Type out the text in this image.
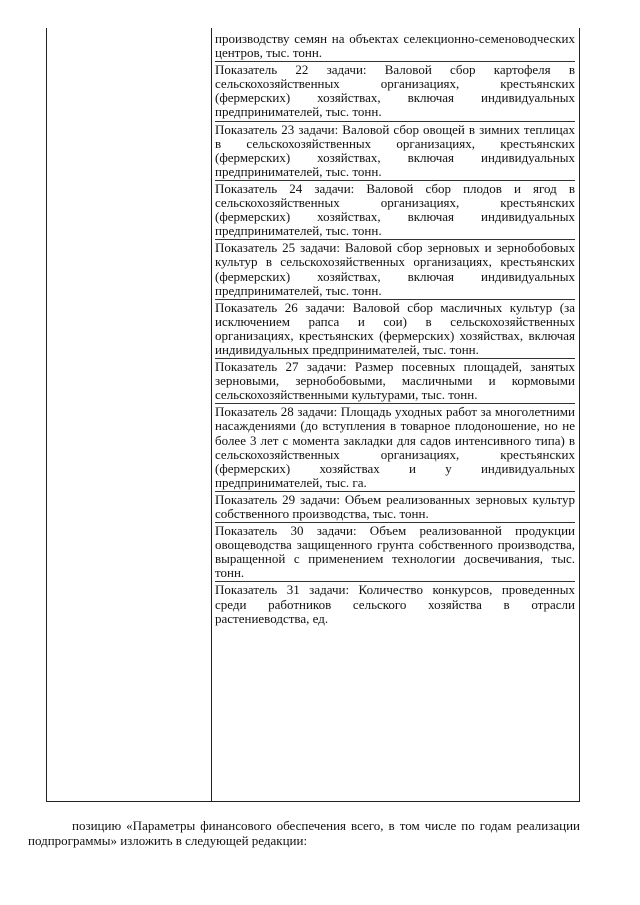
производству семян на объектах селекционно-семеноводческих центров, тыс. тонн.

Показатель 22 задачи: Валовой сбор картофеля в сельскохозяйственных организациях, крестьянских (фермерских) хозяйствах, включая индивидуальных предпринимателей, тыс. тонн.

Показатель 23 задачи: Валовой сбор овощей в зимних теплицах в сельскохозяйственных организациях, крестьянских (фермерских) хозяйствах, включая индивидуальных предпринимателей, тыс. тонн.

Показатель 24 задачи: Валовой сбор плодов и ягод в сельскохозяйственных организациях, крестьянских (фермерских) хозяйствах, включая индивидуальных предпринимателей, тыс. тонн.

Показатель 25 задачи: Валовой сбор зерновых и зернобобовых культур в сельскохозяйственных организациях, крестьянских (фермерских) хозяйствах, включая индивидуальных предпринимателей, тыс. тонн.

Показатель 26 задачи: Валовой сбор масличных культур (за исключением рапса и сои) в сельскохозяйственных организациях, крестьянских (фермерских) хозяйствах, включая индивидуальных предпринимателей, тыс. тонн.

Показатель 27 задачи: Размер посевных площадей, занятых зерновыми, зернобобовыми, масличными и кормовыми сельскохозяйственными культурами, тыс. тонн.

Показатель 28 задачи: Площадь уходных работ за многолетними насаждениями (до вступления в товарное плодоношение, но не более 3 лет с момента закладки для садов интенсивного типа) в сельскохозяйственных организациях, крестьянских (фермерских) хозяйствах и у индивидуальных предпринимателей, тыс. га.

Показатель 29 задачи: Объем реализованных зерновых культур собственного производства, тыс. тонн.

Показатель 30 задачи: Объем реализованной продукции овощеводства защищенного грунта собственного производства, выращенной с применением технологии досвечивания, тыс. тонн.

Показатель 31 задачи: Количество конкурсов, проведенных среди работников сельского хозяйства в отрасли растениеводства, ед.

позицию «Параметры финансового обеспечения всего, в том числе по годам реализации подпрограммы» изложить в следующей редакции:
